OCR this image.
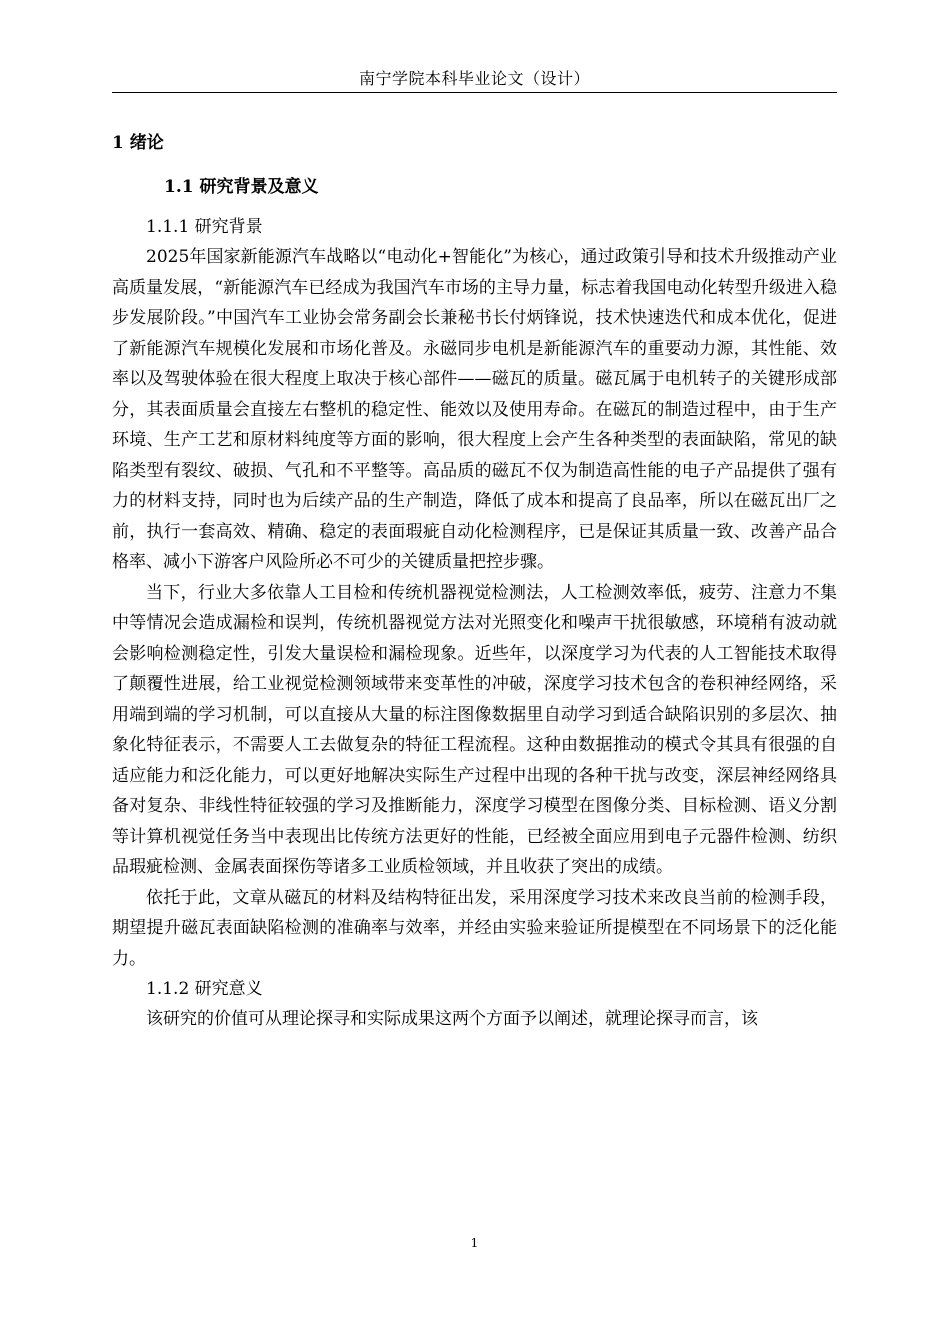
南宁学院本科毕业论文（设计）
1 绪论
1.1 研究背景及意义
1.1.1 研究背景

2025年国家新能源汽车战略以“电动化+智能化”为核心，通过政策引导和技术升级推动产业高质量发展，“新能源汽车已经成为我国汽车市场的主导力量，标志着我国电动化转型升级进入稳步发展阶段。”中国汽车工业协会常务副会长兼秘书长付炳锋说，技术快速迭代和成本优化，促进了新能源汽车规模化发展和市场化普及。永磁同步电机是新能源汽车的重要动力源，其性能、效率以及驾驶体验在很大程度上取决于核心部件——磁瓦的质量。磁瓦属于电机转子的关键形成部分，其表面质量会直接左右整机的稳定性、能效以及使用寿命。在磁瓦的制造过程中，由于生产环境、生产工艺和原材料纯度等方面的影响，很大程度上会产生各种类型的表面缺陷，常见的缺陷类型有裂纹、破损、气孔和不平整等。高品质的磁瓦不仅为制造高性能的电子产品提供了强有力的材料支持，同时也为后续产品的生产制造，降低了成本和提高了良品率，所以在磁瓦出厂之前，执行一套高效、精确、稳定的表面瑕疵自动化检测程序，已是保证其质量一致、改善产品合格率、减小下游客户风险所必不可少的关键质量把控步骤。

当下，行业大多依靠人工目检和传统机器视觉检测法，人工检测效率低，疲劳、注意力不集中等情况会造成漏检和误判，传统机器视觉方法对光照变化和噪声干扰很敏感，环境稍有波动就会影响检测稳定性，引发大量误检和漏检现象。近些年，以深度学习为代表的人工智能技术取得了颠覆性进展，给工业视觉检测领域带来变革性的冲破，深度学习技术包含的卷积神经网络，采用端到端的学习机制，可以直接从大量的标注图像数据里自动学习到适合缺陷识别的多层次、抽象化特征表示，不需要人工去做复杂的特征工程流程。这种由数据推动的模式令其具有很强的自适应能力和泛化能力，可以更好地解决实际生产过程中出现的各种干扰与改变，深层神经网络具备对复杂、非线性特征较强的学习及推断能力，深度学习模型在图像分类、目标检测、语义分割等计算机视觉任务当中表现出比传统方法更好的性能，已经被全面应用到电子元器件检测、纺织品瑕疵检测、金属表面探伤等诸多工业质检领域，并且收获了突出的成绩。

依托于此，文章从磁瓦的材料及结构特征出发，采用深度学习技术来改良当前的检测手段，期望提升磁瓦表面缺陷检测的准确率与效率，并经由实验来验证所提模型在不同场景下的泛化能力。

1.1.2 研究意义

该研究的价值可从理论探寻和实际成果这两个方面予以阐述，就理论探寻而言，该

1
